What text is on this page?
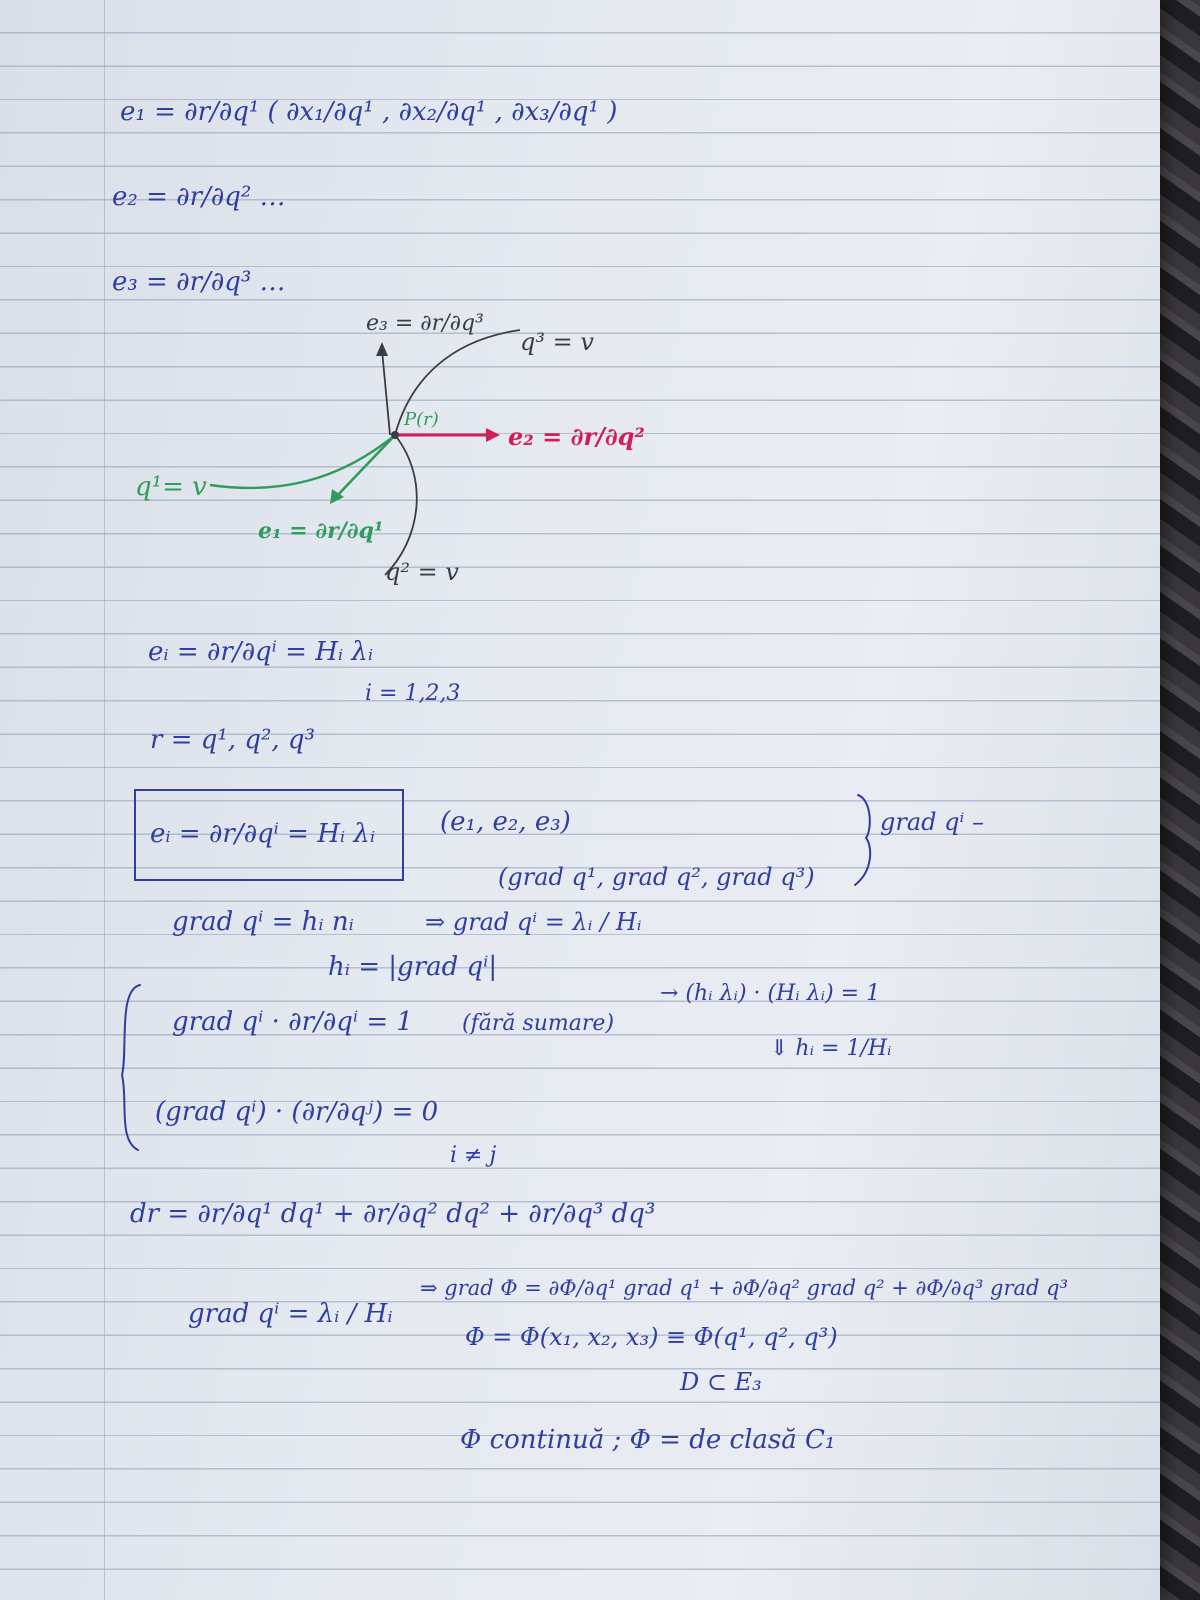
e₁ = ∂r/∂q¹ ( ∂x₁/∂q¹ , ∂x₂/∂q¹ , ∂x₃/∂q¹ )
e₂ = ∂r/∂q² …
e₃ = ∂r/∂q³ …
e₃ = ∂r/∂q³
q³ = v
P(r)
e₂ = ∂r/∂q²
q¹= v
e₁ = ∂r/∂q¹
q² = v
eᵢ = ∂r/∂qⁱ = Hᵢ λᵢ
i = 1,2,3
r = q¹, q², q³
eᵢ = ∂r/∂qⁱ = Hᵢ λᵢ (e₁, e₂, e₃)
(grad q¹, grad q², grad q³)
grad qⁱ –
grad qⁱ = hᵢ nᵢ	⇒ grad qⁱ = λᵢ / Hᵢ
hᵢ = |grad qⁱ|
grad qⁱ · ∂r/∂qⁱ = 1 (fără sumare)
→ (hᵢ λᵢ) · (Hᵢ λᵢ) = 1
⇓ hᵢ = 1/Hᵢ
(grad qⁱ) · (∂r/∂qʲ) = 0
i ≠ j
dr = ∂r/∂q¹ dq¹ + ∂r/∂q² dq² + ∂r/∂q³ dq³
grad qⁱ = λᵢ / Hᵢ
⇒ grad Φ = ∂Φ/∂q¹ grad q¹ + ∂Φ/∂q² grad q² + ∂Φ/∂q³ grad q³
Φ = Φ(x₁, x₂, x₃) ≡ Φ(q¹, q², q³)
D ⊂ E₃
Φ continuă ; Φ = de clasă C₁
